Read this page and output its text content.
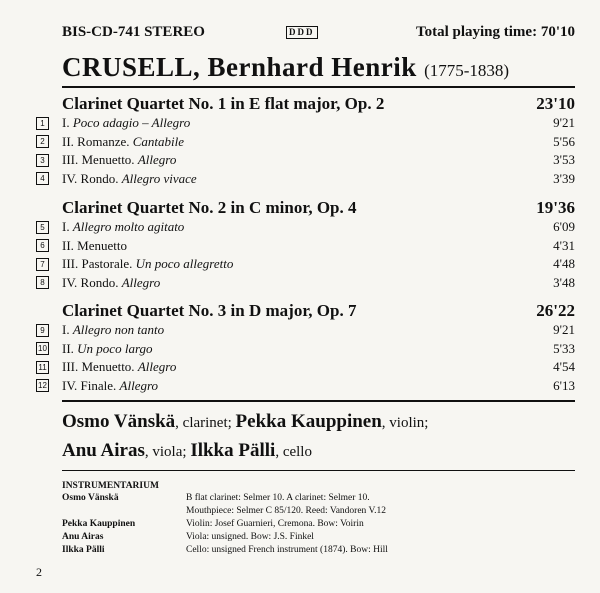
BIS-CD-741 STEREO	DDD	Total playing time: 70'10
CRUSELL, Bernhard Henrik (1775-1838)
Clarinet Quartet No. 1 in E flat major, Op. 2	23'10
1	I. Poco adagio – Allegro	9'21
2	II. Romanze. Cantabile	5'56
3	III. Menuetto. Allegro	3'53
4	IV. Rondo. Allegro vivace	3'39
Clarinet Quartet No. 2 in C minor, Op. 4	19'36
5	I. Allegro molto agitato	6'09
6	II. Menuetto	4'31
7	III. Pastorale. Un poco allegretto	4'48
8	IV. Rondo. Allegro	3'48
Clarinet Quartet No. 3 in D major, Op. 7	26'22
9	I. Allegro non tanto	9'21
10 II. Un poco largo	5'33
11 III. Menuetto. Allegro	4'54
12 IV. Finale. Allegro	6'13
Osmo Vänskä, clarinet; Pekka Kauppinen, violin;
Anu Airas, viola; Ilkka Pälli, cello
INSTRUMENTARIUM
Osmo Vänskä	B flat clarinet: Selmer 10. A clarinet: Selmer 10.
Mouthpiece: Selmer C 85/120. Reed: Vandoren V.12
Pekka Kauppinen	Violin: Josef Guarnieri, Cremona. Bow: Voirin
Anu Airas	Viola: unsigned. Bow: J.S. Finkel
Ilkka Pälli	Cello: unsigned French instrument (1874). Bow: Hill
2
